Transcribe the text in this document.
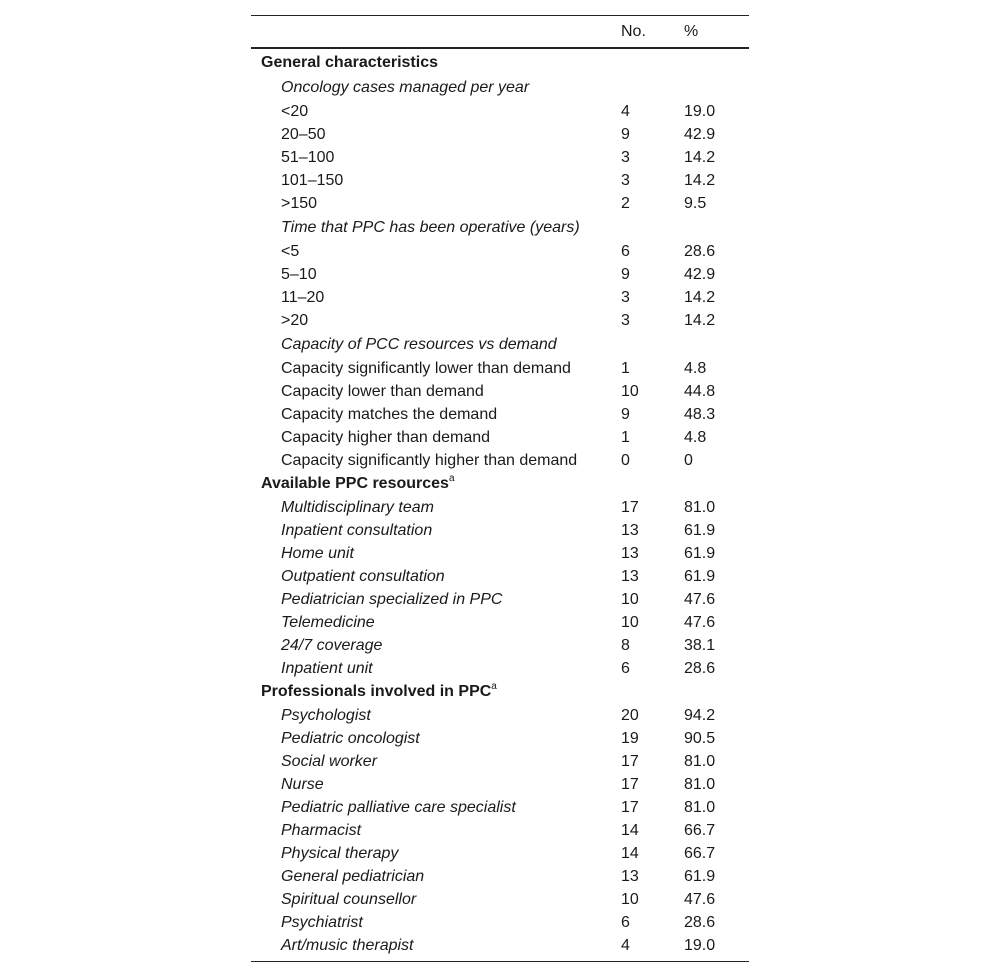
	No.	%
General characteristics		
Oncology cases managed per year		
<20	4	19.0
20–50	9	42.9
51–100	3	14.2
101–150	3	14.2
>150	2	9.5
Time that PPC has been operative (years)		
<5	6	28.6
5–10	9	42.9
11–20	3	14.2
>20	3	14.2
Capacity of PCC resources vs demand		
Capacity significantly lower than demand	1	4.8
Capacity lower than demand	10	44.8
Capacity matches the demand	9	48.3
Capacity higher than demand	1	4.8
Capacity significantly higher than demand	0	0
Available PPC resources$^a$
Multidisciplinary team	17	81.0
Inpatient consultation	13	61.9
Home unit	13	61.9
Outpatient consultation	13	61.9
Pediatrician specialized in PPC	10	47.6
Telemedicine	10	47.6
24/7 coverage	8	38.1
Inpatient unit	6	28.6
Professionals involved in PPC$^a$
Psychologist	20	94.2
Pediatric oncologist	19	90.5
Social worker	17	81.0
Nurse	17	81.0
Pediatric palliative care specialist	17	81.0
Pharmacist	14	66.7
Physical therapy	14	66.7
General pediatrician	13	61.9
Spiritual counsellor	10	47.6
Psychiatrist	6	28.6
Art/music therapist	4	19.0
